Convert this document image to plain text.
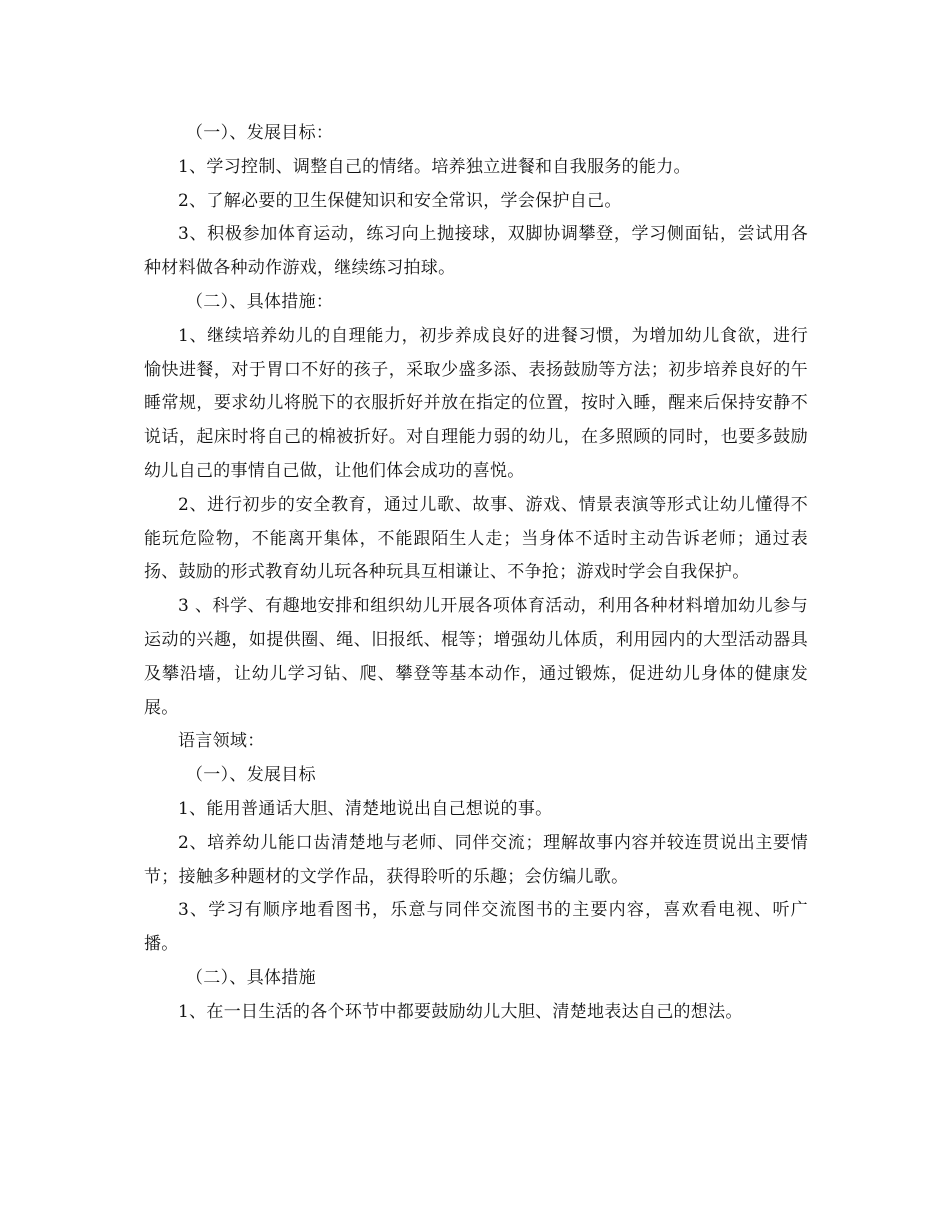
（一）、发展目标：

1、学习控制、调整自己的情绪。培养独立进餐和自我服务的能力。

2、了解必要的卫生保健知识和安全常识，学会保护自己。

3、积极参加体育运动，练习向上抛接球，双脚协调攀登，学习侧面钻，尝试用各种材料做各种动作游戏，继续练习拍球。

（二）、具体措施：

1、继续培养幼儿的自理能力，初步养成良好的进餐习惯，为增加幼儿食欲，进行愉快进餐，对于胃口不好的孩子，采取少盛多添、表扬鼓励等方法；初步培养良好的午睡常规，要求幼儿将脱下的衣服折好并放在指定的位置，按时入睡，醒来后保持安静不说话，起床时将自己的棉被折好。对自理能力弱的幼儿，在多照顾的同时，也要多鼓励幼儿自己的事情自己做，让他们体会成功的喜悦。

2、进行初步的安全教育，通过儿歌、故事、游戏、情景表演等形式让幼儿懂得不能玩危险物，不能离开集体，不能跟陌生人走；当身体不适时主动告诉老师；通过表扬、鼓励的形式教育幼儿玩各种玩具互相谦让、不争抢；游戏时学会自我保护。

3 、科学、有趣地安排和组织幼儿开展各项体育活动，利用各种材料增加幼儿参与运动的兴趣，如提供圈、绳、旧报纸、棍等；增强幼儿体质，利用园内的大型活动器具及攀沿墙，让幼儿学习钻、爬、攀登等基本动作，通过锻炼，促进幼儿身体的健康发展。

语言领域：

（一）、发展目标

1、能用普通话大胆、清楚地说出自己想说的事。

2、培养幼儿能口齿清楚地与老师、同伴交流；理解故事内容并较连贯说出主要情节；接触多种题材的文学作品，获得聆听的乐趣；会仿编儿歌。

3、学习有顺序地看图书，乐意与同伴交流图书的主要内容，喜欢看电视、听广播。

（二）、具体措施

1、在一日生活的各个环节中都要鼓励幼儿大胆、清楚地表达自己的想法。
